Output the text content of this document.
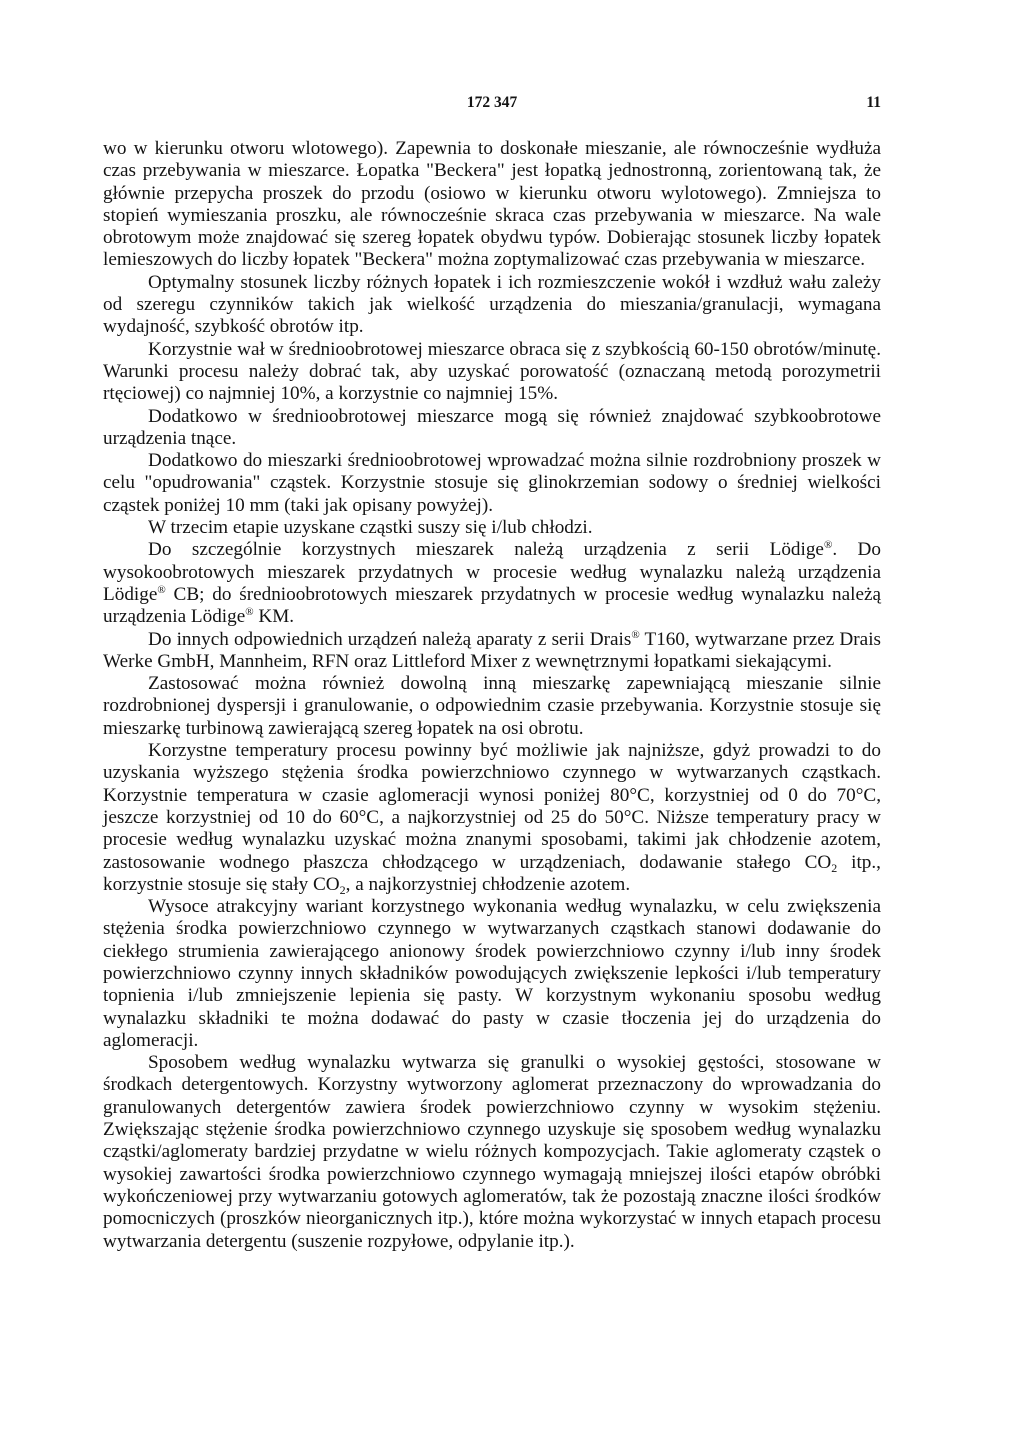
172 347	11

wo w kierunku otworu wlotowego). Zapewnia to doskonałe mieszanie, ale równocześnie wydłuża czas przebywania w mieszarce. Łopatka "Beckera" jest łopatką jednostronną, zorientowaną tak, że głównie przepycha proszek do przodu (osiowo w kierunku otworu wylotowego). Zmniejsza to stopień wymieszania proszku, ale równocześnie skraca czas przebywania w mieszarce. Na wale obrotowym może znajdować się szereg łopatek obydwu typów. Dobierając stosunek liczby łopatek lemieszowych do liczby łopatek "Beckera" można zoptymalizować czas przebywania w mieszarce.

Optymalny stosunek liczby różnych łopatek i ich rozmieszczenie wokół i wzdłuż wału zależy od szeregu czynników takich jak wielkość urządzenia do mieszania/granulacji, wymagana wydajność, szybkość obrotów itp.

Korzystnie wał w średnioobrotowej mieszarce obraca się z szybkością 60-150 obrotów/minutę. Warunki procesu należy dobrać tak, aby uzyskać porowatość (oznaczaną metodą porozymetrii rtęciowej) co najmniej 10%, a korzystnie co najmniej 15%.

Dodatkowo w średnioobrotowej mieszarce mogą się również znajdować szybkoobrotowe urządzenia tnące.

Dodatkowo do mieszarki średnioobrotowej wprowadzać można silnie rozdrobniony proszek w celu "opudrowania" cząstek. Korzystnie stosuje się glinokrzemian sodowy o średniej wielkości cząstek poniżej 10 mm (taki jak opisany powyżej).

W trzecim etapie uzyskane cząstki suszy się i/lub chłodzi.

Do szczególnie korzystnych mieszarek należą urządzenia z serii Lödige®. Do wysokoobrotowych mieszarek przydatnych w procesie według wynalazku należą urządzenia Lödige® CB; do średnioobrotowych mieszarek przydatnych w procesie według wynalazku należą urządzenia Lödige® KM.

Do innych odpowiednich urządzeń należą aparaty z serii Drais® T160, wytwarzane przez Drais Werke GmbH, Mannheim, RFN oraz Littleford Mixer z wewnętrznymi łopatkami siekającymi.

Zastosować można również dowolną inną mieszarkę zapewniającą mieszanie silnie rozdrobnionej dyspersji i granulowanie, o odpowiednim czasie przebywania. Korzystnie stosuje się mieszarkę turbinową zawierającą szereg łopatek na osi obrotu.

Korzystne temperatury procesu powinny być możliwie jak najniższe, gdyż prowadzi to do uzyskania wyższego stężenia środka powierzchniowo czynnego w wytwarzanych cząstkach. Korzystnie temperatura w czasie aglomeracji wynosi poniżej 80°C, korzystniej od 0 do 70°C, jeszcze korzystniej od 10 do 60°C, a najkorzystniej od 25 do 50°C. Niższe temperatury pracy w procesie według wynalazku uzyskać można znanymi sposobami, takimi jak chłodzenie azotem, zastosowanie wodnego płaszcza chłodzącego w urządzeniach, dodawanie stałego $CO_2$ itp., korzystnie stosuje się stały $CO_2$, a najkorzystniej chłodzenie azotem.

Wysoce atrakcyjny wariant korzystnego wykonania według wynalazku, w celu zwiększenia stężenia środka powierzchniowo czynnego w wytwarzanych cząstkach stanowi dodawanie do ciekłego strumienia zawierającego anionowy środek powierzchniowo czynny i/lub inny środek powierzchniowo czynny innych składników powodujących zwiększenie lepkości i/lub temperatury topnienia i/lub zmniejszenie lepienia się pasty. W korzystnym wykonaniu sposobu według wynalazku składniki te można dodawać do pasty w czasie tłoczenia jej do urządzenia do aglomeracji.

Sposobem według wynalazku wytwarza się granulki o wysokiej gęstości, stosowane w środkach detergentowych. Korzystny wytworzony aglomerat przeznaczony do wprowadzania do granulowanych detergentów zawiera środek powierzchniowo czynny w wysokim stężeniu. Zwiększając stężenie środka powierzchniowo czynnego uzyskuje się sposobem według wynalazku cząstki/aglomeraty bardziej przydatne w wielu różnych kompozycjach. Takie aglomeraty cząstek o wysokiej zawartości środka powierzchniowo czynnego wymagają mniejszej ilości etapów obróbki wykończeniowej przy wytwarzaniu gotowych aglomeratów, tak że pozostają znaczne ilości środków pomocniczych (proszków nieorganicznych itp.), które można wykorzystać w innych etapach procesu wytwarzania detergentu (suszenie rozpyłowe, odpylanie itp.).
